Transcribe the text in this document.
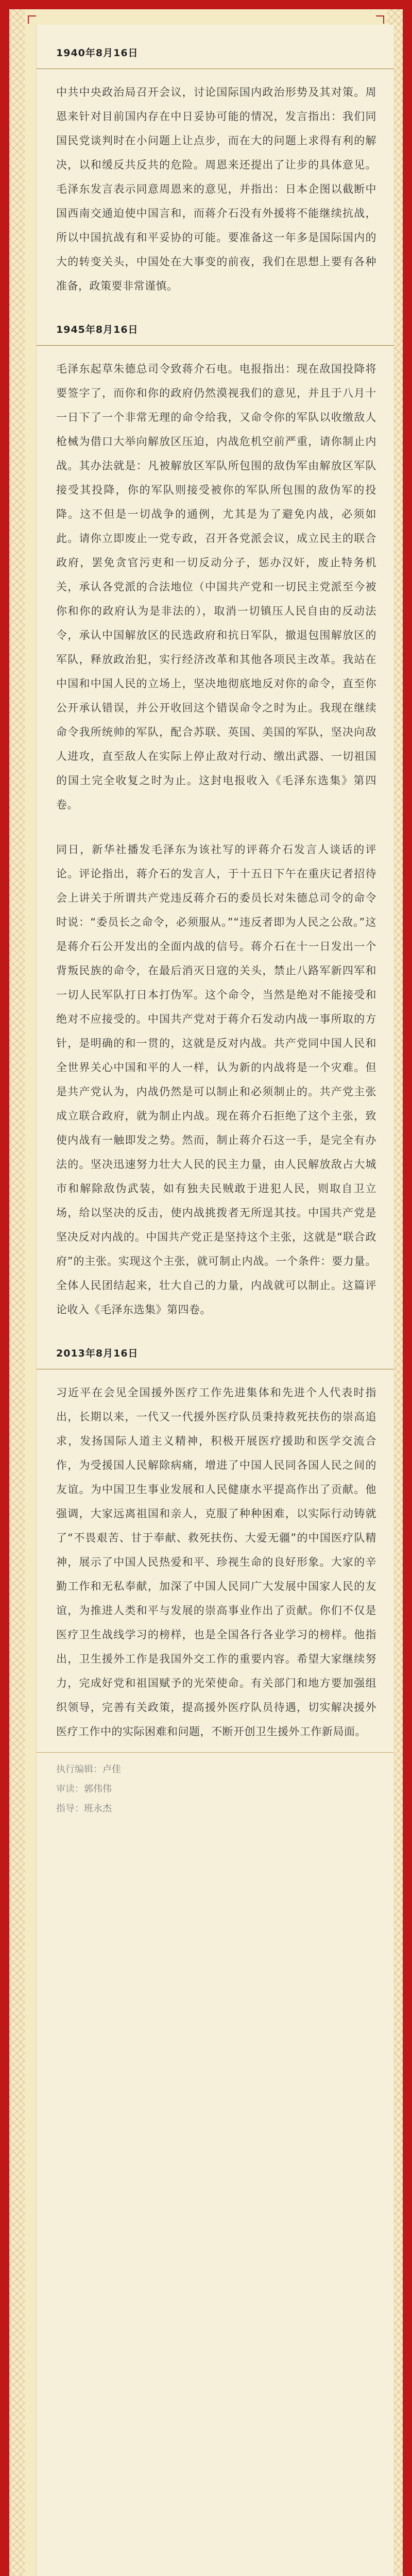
1940年8月16日

中共中央政治局召开会议，讨论国际国内政治形势及其对策。周恩来针对目前国内存在中日妥协可能的情况，发言指出：我们同国民党谈判时在小问题上让点步，而在大的问题上求得有利的解决，以和缓反共反共的危险。周恩来还提出了让步的具体意见。毛泽东发言表示同意周恩来的意见，并指出：日本企图以截断中国西南交通迫使中国言和，而蒋介石没有外援将不能继续抗战，所以中国抗战有和平妥协的可能。要准备这一年多是国际国内的大的转变关头，中国处在大事变的前夜，我们在思想上要有各种准备，政策要非常谨慎。

1945年8月16日

毛泽东起草朱德总司令致蒋介石电。电报指出：现在敌国投降将要签字了，而你和你的政府仍然漠视我们的意见，并且于八月十一日下了一个非常无理的命令给我，又命令你的军队以收缴敌人枪械为借口大举向解放区压迫，内战危机空前严重，请你制止内战。其办法就是：凡被解放区军队所包围的敌伪军由解放区军队接受其投降，你的军队则接受被你的军队所包围的敌伪军的投降。这不但是一切战争的通例，尤其是为了避免内战，必须如此。请你立即废止一党专政，召开各党派会议，成立民主的联合政府，罢免贪官污吏和一切反动分子，惩办汉奸，废止特务机关，承认各党派的合法地位（中国共产党和一切民主党派至今被你和你的政府认为是非法的），取消一切镇压人民自由的反动法令，承认中国解放区的民选政府和抗日军队，撤退包围解放区的军队，释放政治犯，实行经济改革和其他各项民主改革。我站在中国和中国人民的立场上，坚决地彻底地反对你的命令，直至你公开承认错误，并公开收回这个错误命令之时为止。我现在继续命令我所统帅的军队，配合苏联、英国、美国的军队，坚决向敌人进攻，直至敌人在实际上停止敌对行动、缴出武器、一切祖国的国土完全收复之时为止。这封电报收入《毛泽东选集》第四卷。

同日，新华社播发毛泽东为该社写的评蒋介石发言人谈话的评论。评论指出，蒋介石的发言人，于十五日下午在重庆记者招待会上讲关于所谓共产党违反蒋介石的委员长对朱德总司令的命令时说：“委员长之命令，必须服从。”“违反者即为人民之公敌。”这是蒋介石公开发出的全面内战的信号。蒋介石在十一日发出一个背叛民族的命令，在最后消灭日寇的关头，禁止八路军新四军和一切人民军队打日本打伪军。这个命令，当然是绝对不能接受和绝对不应接受的。中国共产党对于蒋介石发动内战一事所取的方针，是明确的和一贯的，这就是反对内战。共产党同中国人民和全世界关心中国和平的人一样，认为新的内战将是一个灾难。但是共产党认为，内战仍然是可以制止和必须制止的。共产党主张成立联合政府，就为制止内战。现在蒋介石拒绝了这个主张，致使内战有一触即发之势。然而，制止蒋介石这一手，是完全有办法的。坚决迅速努力壮大人民的民主力量，由人民解放敌占大城市和解除敌伪武装，如有独夫民贼敢于进犯人民，则取自卫立场，给以坚决的反击，使内战挑拨者无所逞其技。中国共产党是坚决反对内战的。中国共产党正是坚持这个主张，这就是“联合政府”的主张。实现这个主张，就可制止内战。一个条件：要力量。全体人民团结起来，壮大自己的力量，内战就可以制止。这篇评论收入《毛泽东选集》第四卷。

2013年8月16日

习近平在会见全国援外医疗工作先进集体和先进个人代表时指出，长期以来，一代又一代援外医疗队员秉持救死扶伤的崇高追求，发扬国际人道主义精神，积极开展医疗援助和医学交流合作，为受援国人民解除病痛，增进了中国人民同各国人民之间的友谊。为中国卫生事业发展和人民健康水平提高作出了贡献。他强调，大家远离祖国和亲人，克服了种种困难，以实际行动铸就了“不畏艰苦、甘于奉献、救死扶伤、大爱无疆”的中国医疗队精神，展示了中国人民热爱和平、珍视生命的良好形象。大家的辛勤工作和无私奉献，加深了中国人民同广大发展中国家人民的友谊，为推进人类和平与发展的崇高事业作出了贡献。你们不仅是医疗卫生战线学习的榜样，也是全国各行各业学习的榜样。他指出，卫生援外工作是我国外交工作的重要内容。希望大家继续努力，完成好党和祖国赋予的光荣使命。有关部门和地方要加强组织领导，完善有关政策，提高援外医疗队员待遇，切实解决援外医疗工作中的实际困难和问题，不断开创卫生援外工作新局面。

执行编辑：卢佳
审读：郭伟伟
指导：班永杰
